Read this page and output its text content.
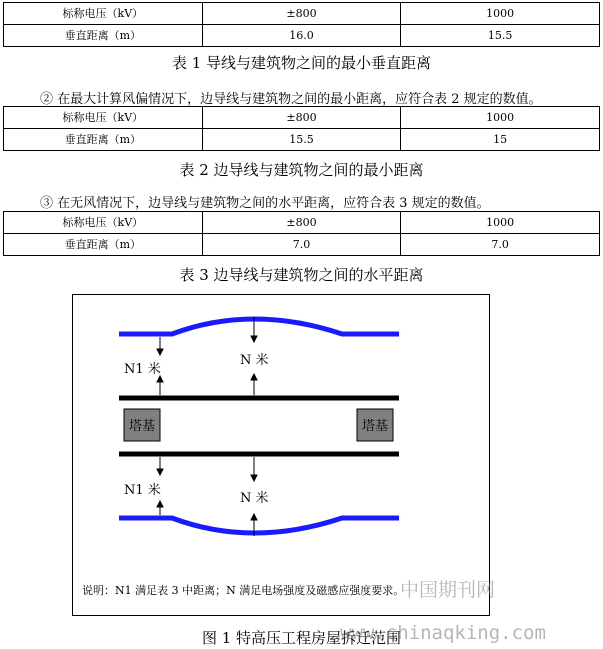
标称电压（kV）	±800	1000
垂直距离（m）	16.0	15.5
表 1 导线与建筑物之间的最小垂直距离
② 在最大计算风偏情况下，边导线与建筑物之间的最小距离，应符合表 2 规定的数值。
标称电压（kV）	±800	1000
垂直距离（m）	15.5	15
表 2 边导线与建筑物之间的最小距离
③ 在无风情况下，边导线与建筑物之间的水平距离，应符合表 3 规定的数值。
标称电压（kV）	±800	1000
垂直距离（m）	7.0	7.0
表 3 边导线与建筑物之间的水平距离
塔基	塔基
N1 米
N 米
N1 米
N 米
说明：N1 满足表 3 中距离；N 满足电场强度及磁感应强度要求。
图 1 特高压工程房屋拆迁范围
中国期刊网
www.chinaqking.com
